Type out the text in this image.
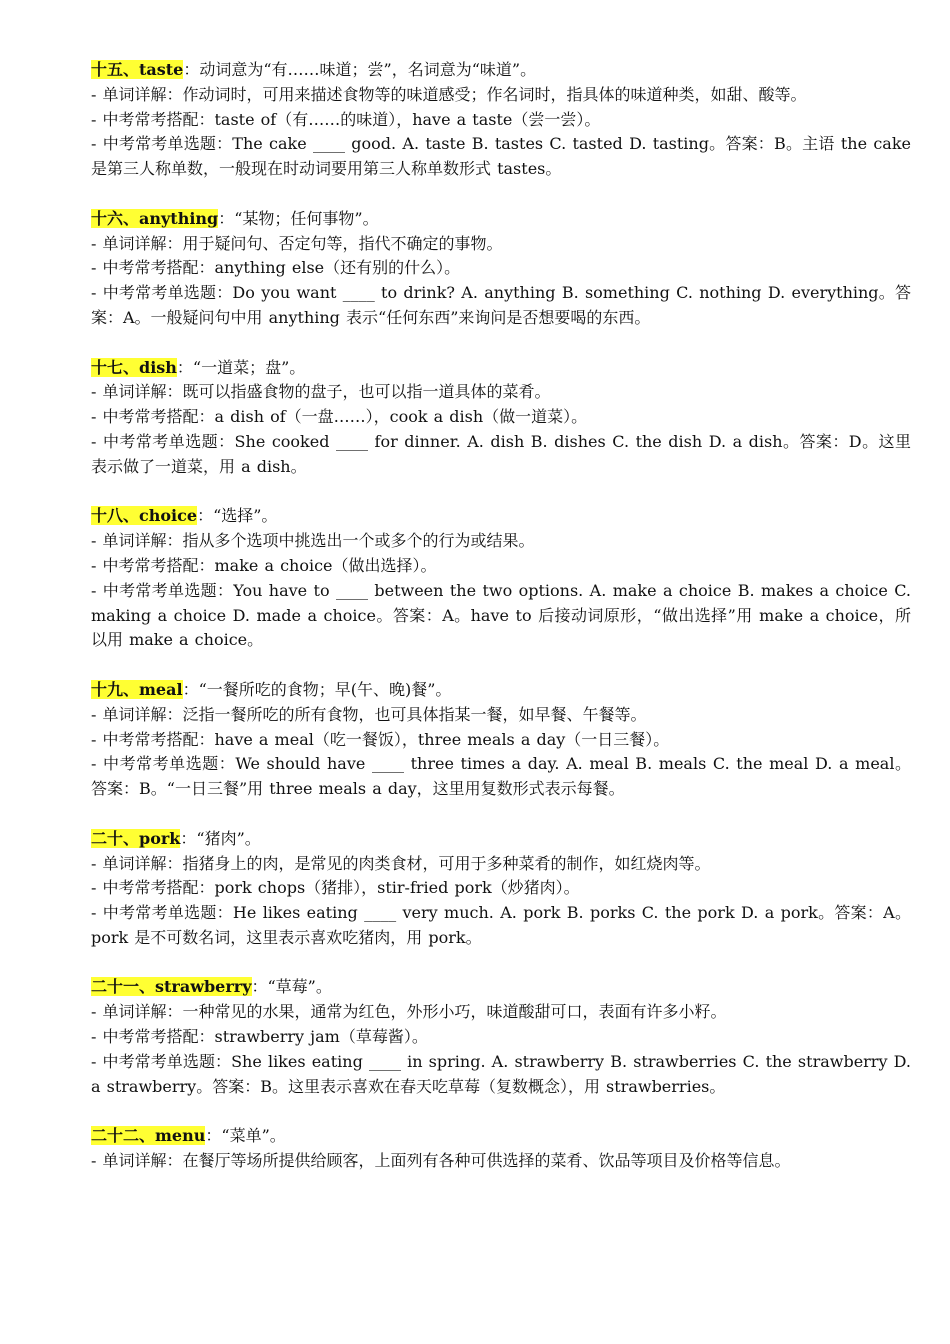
十五、taste：动词意为“有……味道；尝”，名词意为“味道”。

- 单词详解：作动词时，可用来描述食物等的味道感受；作名词时，指具体的味道种类，如甜、酸等。

- 中考常考搭配：taste of（有……的味道），have a taste（尝一尝）。

- 中考常考单选题：The cake ____ good. A. taste B. tastes C. tasted D. tasting。答案：B。主语 the cake 是第三人称单数，一般现在时动词要用第三人称单数形式 tastes。

十六、anything：“某物；任何事物”。

- 单词详解：用于疑问句、否定句等，指代不确定的事物。

- 中考常考搭配：anything else（还有别的什么）。

- 中考常考单选题：Do you want ____ to drink? A. anything B. something C. nothing D. everything。答案：A。一般疑问句中用 anything 表示“任何东西”来询问是否想要喝的东西。

十七、dish：“一道菜；盘”。

- 单词详解：既可以指盛食物的盘子，也可以指一道具体的菜肴。

- 中考常考搭配：a dish of（一盘……），cook a dish（做一道菜）。

- 中考常考单选题：She cooked ____ for dinner. A. dish B. dishes C. the dish D. a dish。答案：D。这里表示做了一道菜，用 a dish。

十八、choice：“选择”。

- 单词详解：指从多个选项中挑选出一个或多个的行为或结果。

- 中考常考搭配：make a choice（做出选择）。

- 中考常考单选题：You have to ____ between the two options. A. make a choice B. makes a choice C. making a choice D. made a choice。答案：A。have to 后接动词原形，“做出选择”用 make a choice，所以用 make a choice。

十九、meal：“一餐所吃的食物；早(午、晚)餐”。

- 单词详解：泛指一餐所吃的所有食物，也可具体指某一餐，如早餐、午餐等。

- 中考常考搭配：have a meal（吃一餐饭），three meals a day（一日三餐）。

- 中考常考单选题：We should have ____ three times a day. A. meal B. meals C. the meal D. a meal。答案：B。“一日三餐”用 three meals a day，这里用复数形式表示每餐。

二十、pork：“猪肉”。

- 单词详解：指猪身上的肉，是常见的肉类食材，可用于多种菜肴的制作，如红烧肉等。

- 中考常考搭配：pork chops（猪排），stir-fried pork（炒猪肉）。

- 中考常考单选题：He likes eating ____ very much. A. pork B. porks C. the pork D. a pork。答案：A。pork 是不可数名词，这里表示喜欢吃猪肉，用 pork。

二十一、strawberry：“草莓”。

- 单词详解：一种常见的水果，通常为红色，外形小巧，味道酸甜可口，表面有许多小籽。

- 中考常考搭配：strawberry jam（草莓酱）。

- 中考常考单选题：She likes eating ____ in spring. A. strawberry B. strawberries C. the strawberry D. a strawberry。答案：B。这里表示喜欢在春天吃草莓（复数概念），用 strawberries。

二十二、menu：“菜单”。

- 单词详解：在餐厅等场所提供给顾客，上面列有各种可供选择的菜肴、饮品等项目及价格等信息。
